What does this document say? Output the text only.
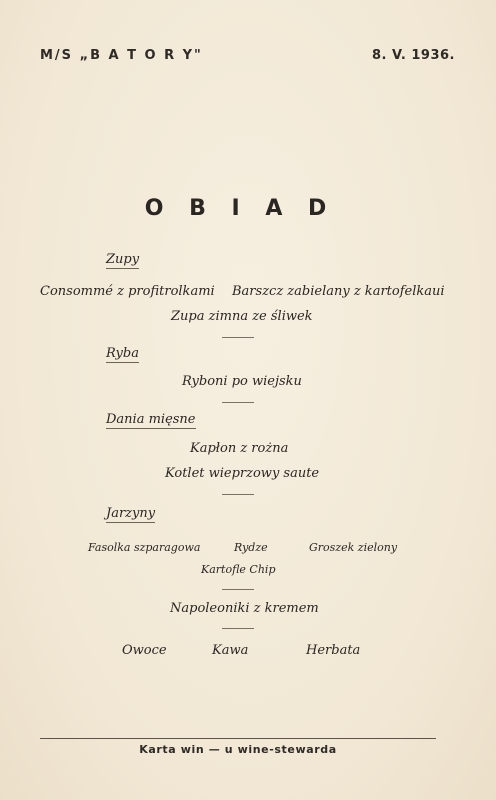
M/S „B A T O R Y"	8. V. 1936.
O B I A D
Zupy
Consommé z profitrolkami Barszcz zabielany z kartofelkaui
Zupa zimna ze śliwek
Ryba
Ryboni po wiejsku
Dania mięsne
Kapłon z rożna
Kotlet wieprzowy saute
Jarzyny
Fasolka szparagowa	Rydze	Groszek zielony
Kartofle Chip
Napoleoniki z kremem
Owoce	Kawa	Herbata
Karta win — u wine-stewarda
